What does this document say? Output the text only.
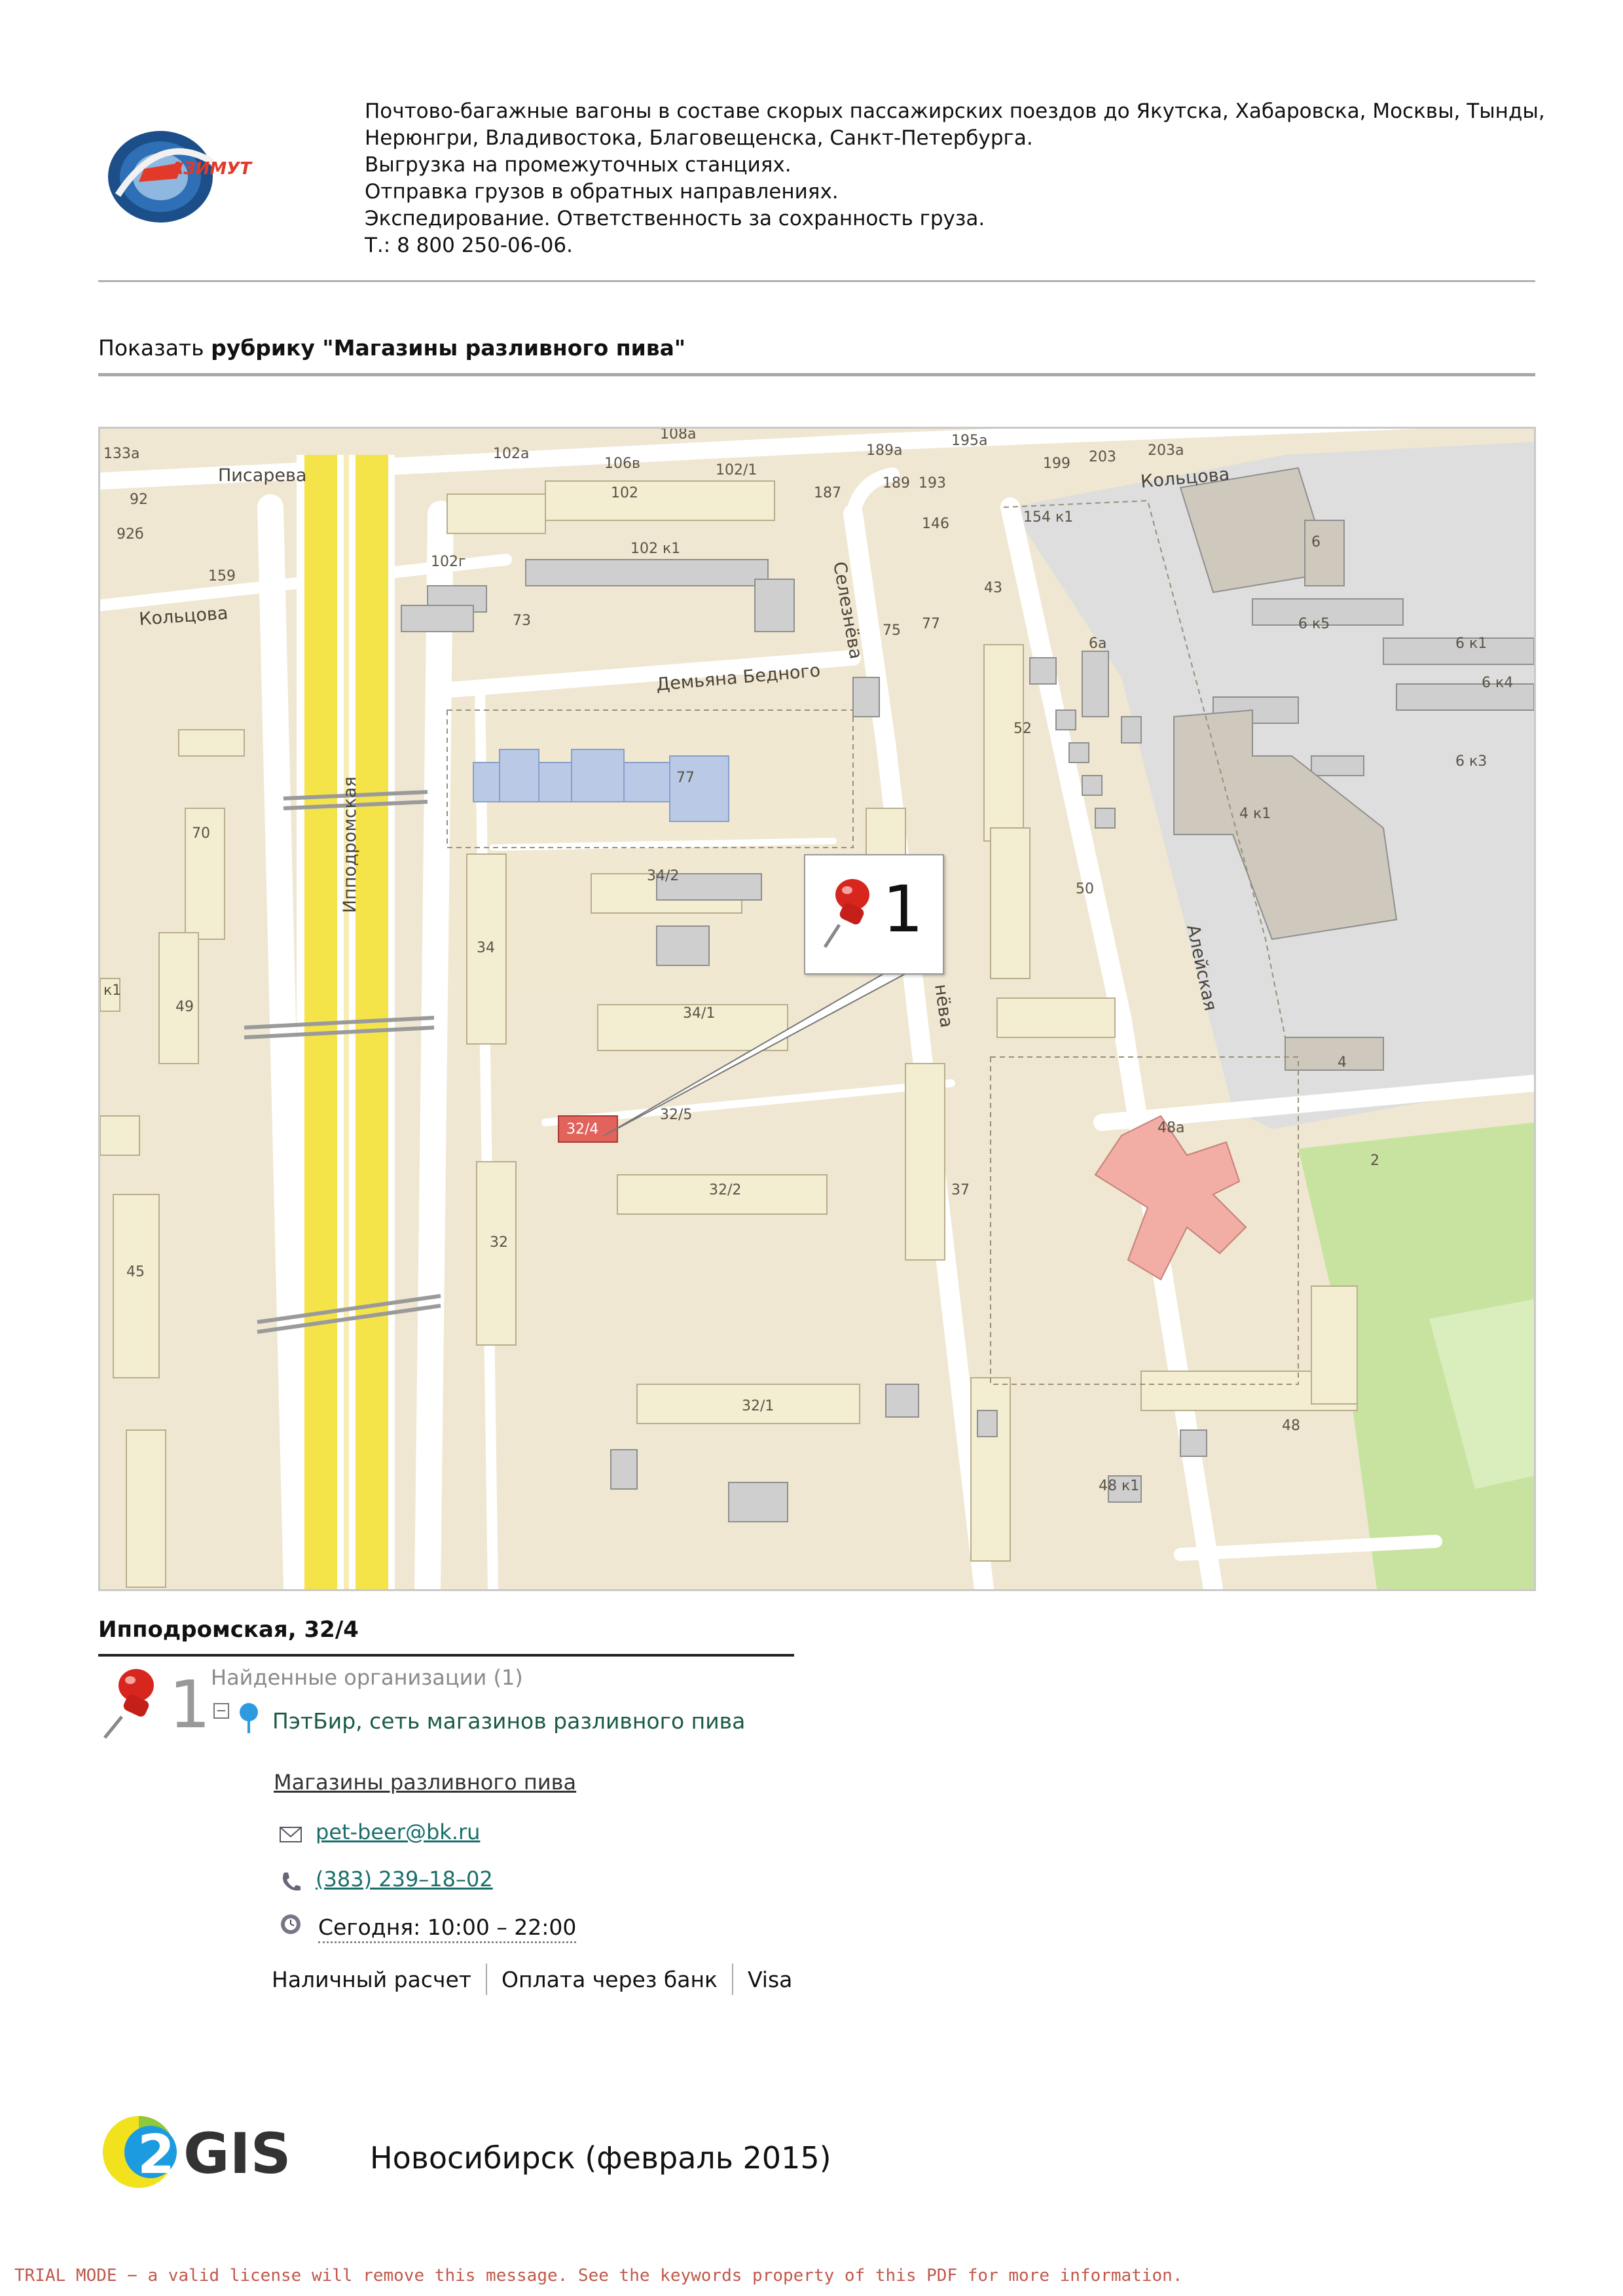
АЗИМУТ
Почтово-багажные вагоны в составе скорых пассажирских поездов до Якутска, Хабаровска, Москвы, Тынды,
Нерюнгри, Владивостока, Благовещенска, Санкт-Петербурга.
Выгрузка на промежуточных станциях.
Отправка грузов в обратных направлениях.
Экспедирование. Ответственность за сохранность груза.
Т.: 8 800 250-06-06.
Показать рубрику "Магазины разливного пива"
Писарева
Кольцова
Кольцова
Демьяна Бедного
Селезнёва
Ипподромская
Алейская
нёва
133а	102а
108а
106в	102/1
189а
195а
199 203 203а
92
92б
159
102	187
189 193
154 к1
146
102г
102 к1
43
73
75 77
6
6 к5
6а	6 к1
6 к4
77
52
6 к3
4 к1
70
34/2
50
34
к1
49	34/1
32/4
32/5
4
48а
2
32/2	37
32
45
32/1
48
48 к1
1
Ипподромская, 32/4
1 Найденные организации (1)
− ПэтБир, сеть магазинов разливного пива
Магазины разливного пива
pet-beer@bk.ru
(383) 239–18–02
Сегодня: 10:00 – 22:00
Наличный расчет	Оплата через банк	Visa
2 GIS	Новосибирск (февраль 2015)
TRIAL MODE − a valid license will remove this message. See the keywords property of this PDF for more information.
